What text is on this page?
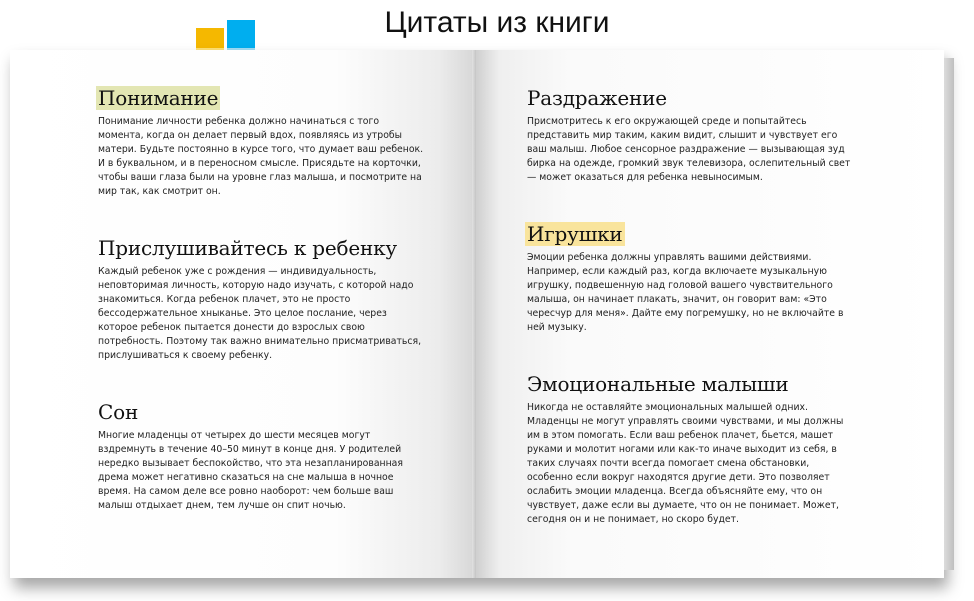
Цитаты из книги
Понимание
Понимание личности ребенка должно начинаться с того момента, когда он делает первый вдох, появляясь из утробы матери. Будьте постоянно в курсе того, что думает ваш ребенок. И в буквальном, и в переносном смысле. Присядьте на корточки, чтобы ваши глаза были на уровне глаз малыша, и посмотрите на мир так, как смотрит он.
Прислушивайтесь к ребенку
Каждый ребенок уже с рождения — индивидуальность, неповторимая личность, которую надо изучать, с которой надо знакомиться. Когда ребенок плачет, это не просто бессодержательное хныканье. Это целое послание, через которое ребенок пытается донести до взрослых свою потребность. Поэтому так важно внимательно присматриваться, прислушиваться к своему ребенку.
Сон
Многие младенцы от четырех до шести месяцев могут вздремнуть в течение 40–50 минут в конце дня. У родителей нередко вызывает беспокойство, что эта незапланированная дрема может негативно сказаться на сне малыша в ночное время. На самом деле все ровно наоборот: чем больше ваш малыш отдыхает днем, тем лучше он спит ночью.
Раздражение
Присмотритесь к его окружающей среде и попытайтесь представить мир таким, каким видит, слышит и чувствует его ваш малыш. Любое сенсорное раздражение — вызывающая зуд бирка на одежде, громкий звук телевизора, ослепительный свет — может оказаться для ребенка невыносимым.
Игрушки
Эмоции ребенка должны управлять вашими действиями. Например, если каждый раз, когда включаете музыкальную игрушку, подвешенную над головой вашего чувствительного малыша, он начинает плакать, значит, он говорит вам: «Это чересчур для меня». Дайте ему погремушку, но не включайте в ней музыку.
Эмоциональные малыши
Никогда не оставляйте эмоциональных малышей одних. Младенцы не могут управлять своими чувствами, и мы должны им в этом помогать. Если ваш ребенок плачет, бьется, машет руками и молотит ногами или как-то иначе выходит из себя, в таких случаях почти всегда помогает смена обстановки, особенно если вокруг находятся другие дети. Это позволяет ослабить эмоции младенца. Всегда объясняйте ему, что он чувствует, даже если вы думаете, что он не понимает. Может, сегодня он и не понимает, но скоро будет.
